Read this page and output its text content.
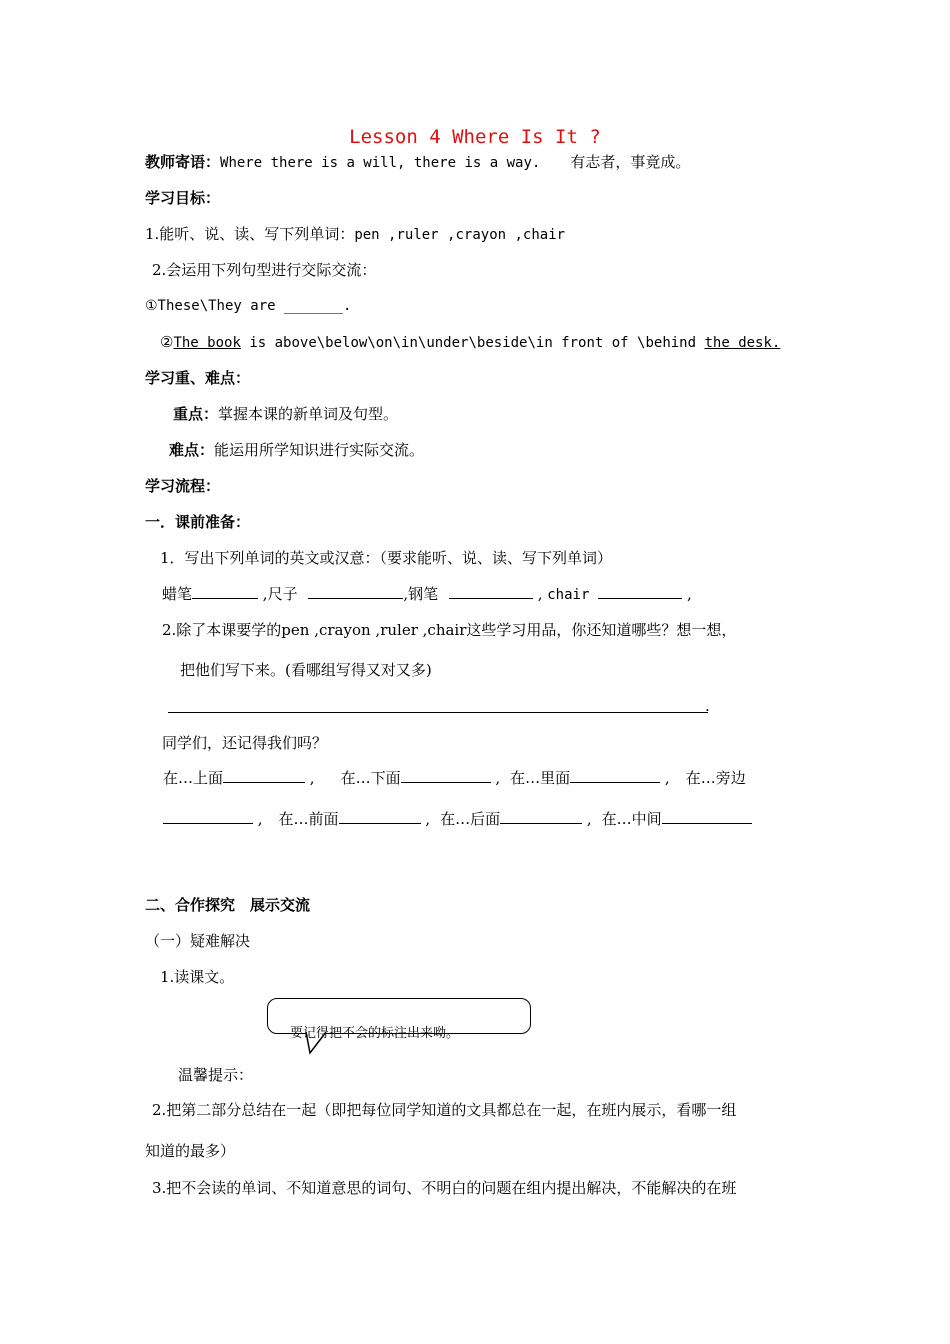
Lesson 4 Where Is It ?
教师寄语：Where there is a will, there is a way. 有志者，事竟成。
学习目标：
1.能听、说、读、写下列单词：pen ,ruler ,crayon ,chair
2.会运用下列句型进行交际交流：
①These\They are _______.
②The book is above\below\on\in\under\beside\in front of \behind the desk.
学习重、难点：
重点：掌握本课的新单词及句型。
难点：能运用所学知识进行实际交流。
学习流程：
一．课前准备：
1．写出下列单词的英文或汉意：（要求能听、说、读、写下列单词）
蜡笔	,尺子	,钢笔	, chair	,
2.除了本课要学的pen ,crayon ,ruler ,chair这些学习用品，你还知道哪些？想一想，
把他们写下来。(看哪组写得又对又多)
.
同学们，还记得我们吗？
在…上面	, 在…下面	, 在…里面	, 在…旁边
, 在…前面	, 在…后面	, 在…中间
二、合作探究　展示交流
（一）疑难解决
1.读课文。
要记得把不会的标注出来呦。
温馨提示：
2.把第二部分总结在一起（即把每位同学知道的文具都总在一起，在班内展示，看哪一组
知道的最多）
3.把不会读的单词、不知道意思的词句、不明白的问题在组内提出解决，不能解决的在班
